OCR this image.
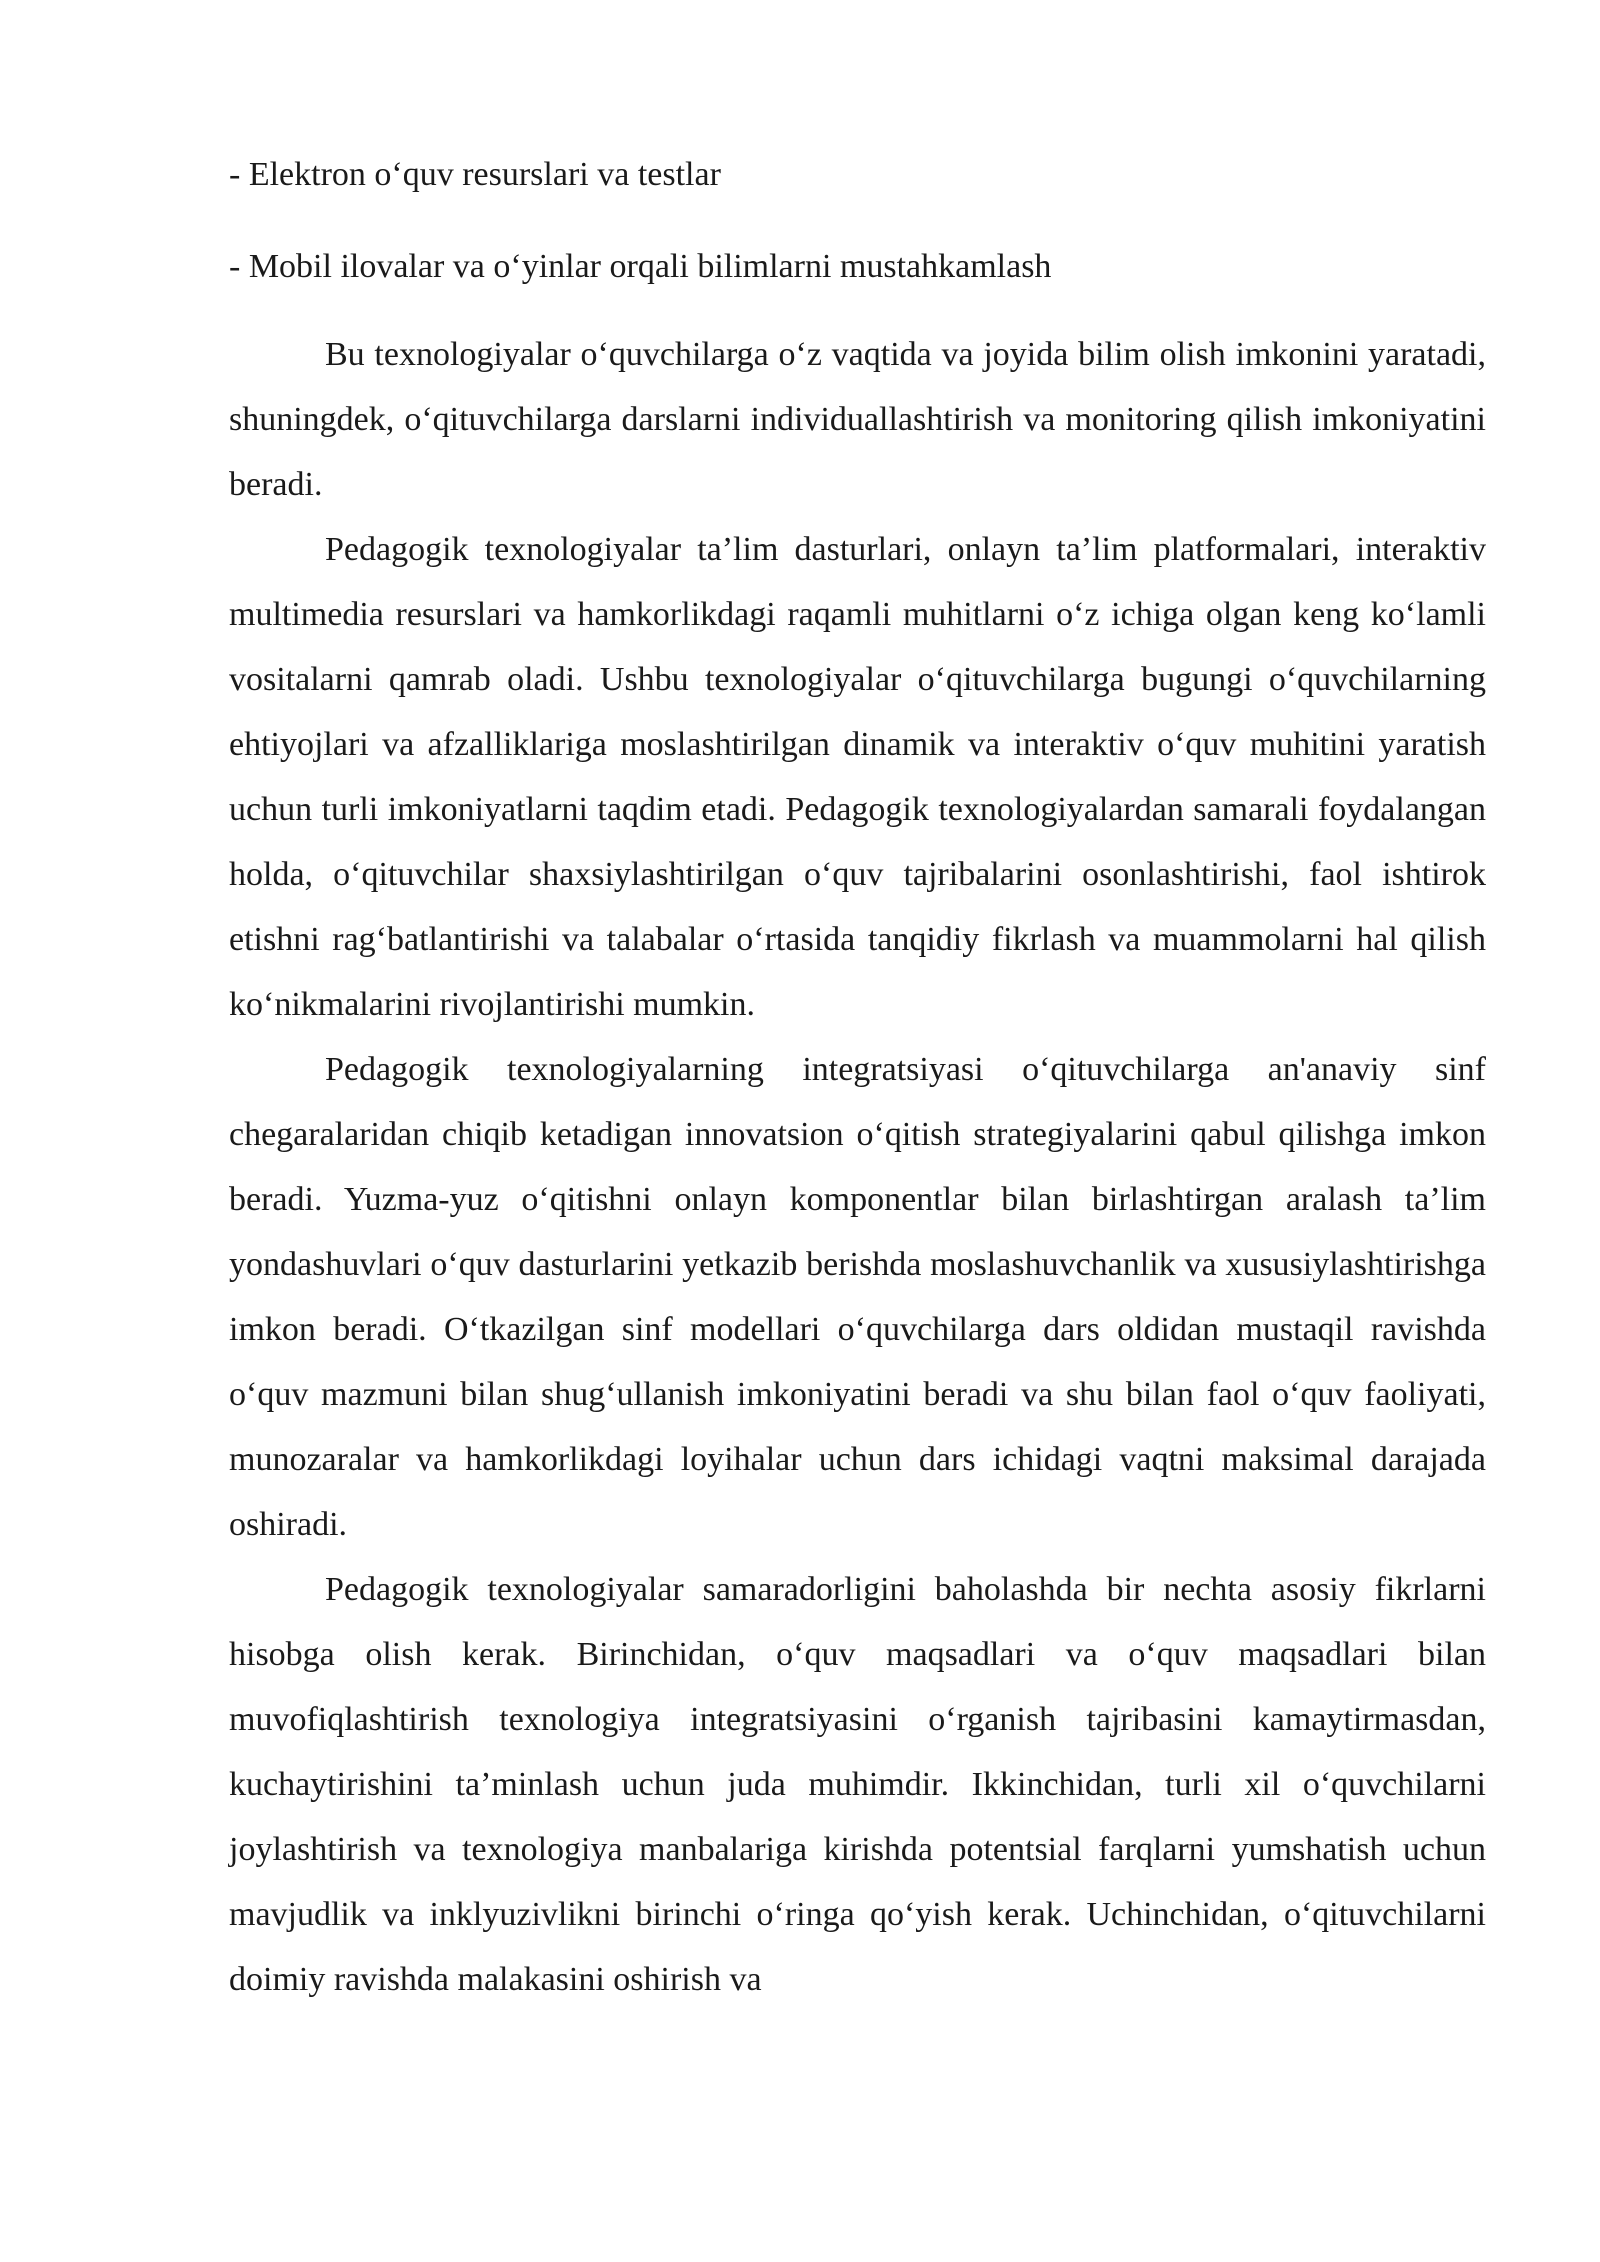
- Elektron o‘quv resurslari va testlar

- Mobil ilovalar va o‘yinlar orqali bilimlarni mustahkamlash

Bu texnologiyalar o‘quvchilarga o‘z vaqtida va joyida bilim olish imkonini yaratadi, shuningdek, o‘qituvchilarga darslarni individuallashtirish va monitoring qilish imkoniyatini beradi.

Pedagogik texnologiyalar ta’lim dasturlari, onlayn ta’lim platformalari, interaktiv multimedia resurslari va hamkorlikdagi raqamli muhitlarni o‘z ichiga olgan keng ko‘lamli vositalarni qamrab oladi. Ushbu texnologiyalar o‘qituvchilarga bugungi o‘quvchilarning ehtiyojlari va afzalliklariga moslashtirilgan dinamik va interaktiv o‘quv muhitini yaratish uchun turli imkoniyatlarni taqdim etadi. Pedagogik texnologiyalardan samarali foydalangan holda, o‘qituvchilar shaxsiylashtirilgan o‘quv tajribalarini osonlashtirishi, faol ishtirok etishni rag‘batlantirishi va talabalar o‘rtasida tanqidiy fikrlash va muammolarni hal qilish ko‘nikmalarini rivojlantirishi mumkin.

Pedagogik texnologiyalarning integratsiyasi o‘qituvchilarga an'anaviy sinf chegaralaridan chiqib ketadigan innovatsion o‘qitish strategiyalarini qabul qilishga imkon beradi. Yuzma-yuz o‘qitishni onlayn komponentlar bilan birlashtirgan aralash ta’lim yondashuvlari o‘quv dasturlarini yetkazib berishda moslashuvchanlik va xususiylashtirishga imkon beradi. O‘tkazilgan sinf modellari o‘quvchilarga dars oldidan mustaqil ravishda o‘quv mazmuni bilan shug‘ullanish imkoniyatini beradi va shu bilan faol o‘quv faoliyati, munozaralar va hamkorlikdagi loyihalar uchun dars ichidagi vaqtni maksimal darajada oshiradi.

Pedagogik texnologiyalar samaradorligini baholashda bir nechta asosiy fikrlarni hisobga olish kerak. Birinchidan, o‘quv maqsadlari va o‘quv maqsadlari bilan muvofiqlashtirish texnologiya integratsiyasini o‘rganish tajribasini kamaytirmasdan, kuchaytirishini ta’minlash uchun juda muhimdir. Ikkinchidan, turli xil o‘quvchilarni joylashtirish va texnologiya manbalariga kirishda potentsial farqlarni yumshatish uchun mavjudlik va inklyuzivlikni birinchi o‘ringa qo‘yish kerak. Uchinchidan, o‘qituvchilarni doimiy ravishda malakasini oshirish va
